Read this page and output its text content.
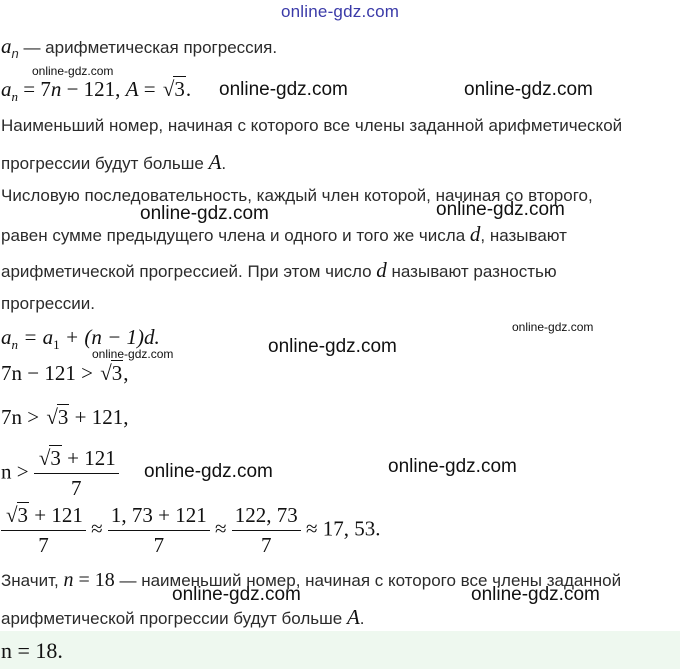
online-gdz.com
$a_n$ — арифметическая прогрессия.
online-gdz.com
$a_n = 7n - 121$, A = √3. online-gdz.com	online-gdz.com
Наименьший номер, начиная с которого все члены заданной арифметической
прогрессии будут больше A.
Числовую последовательность, каждый член которой, начиная со второго,
online-gdz.com	online-gdz.com
равен сумме предыдущего члена и одного и того же числа d, называют
арифметической прогрессией. При этом число d называют разностью
прогрессии.
$a_n = a_1 + (n - 1)d$.	online-gdz.com
online-gdz.com	online-gdz.com
7n − 121 > √3,
7n > √3 + 121,
$n > \frac{√3 + 121}{7}$ online-gdz.com	online-gdz.com
$\frac{√3 + 121}{7} \approx \frac{1, 73 + 121}{7} \approx \frac{122, 73}{7} \approx 17$, 53.
Значит, n = 18 — наименьший номер, начиная с которого все члены заданной
online-gdz.com	online-gdz.com
арифметической прогрессии будут больше A.
n = 18.
